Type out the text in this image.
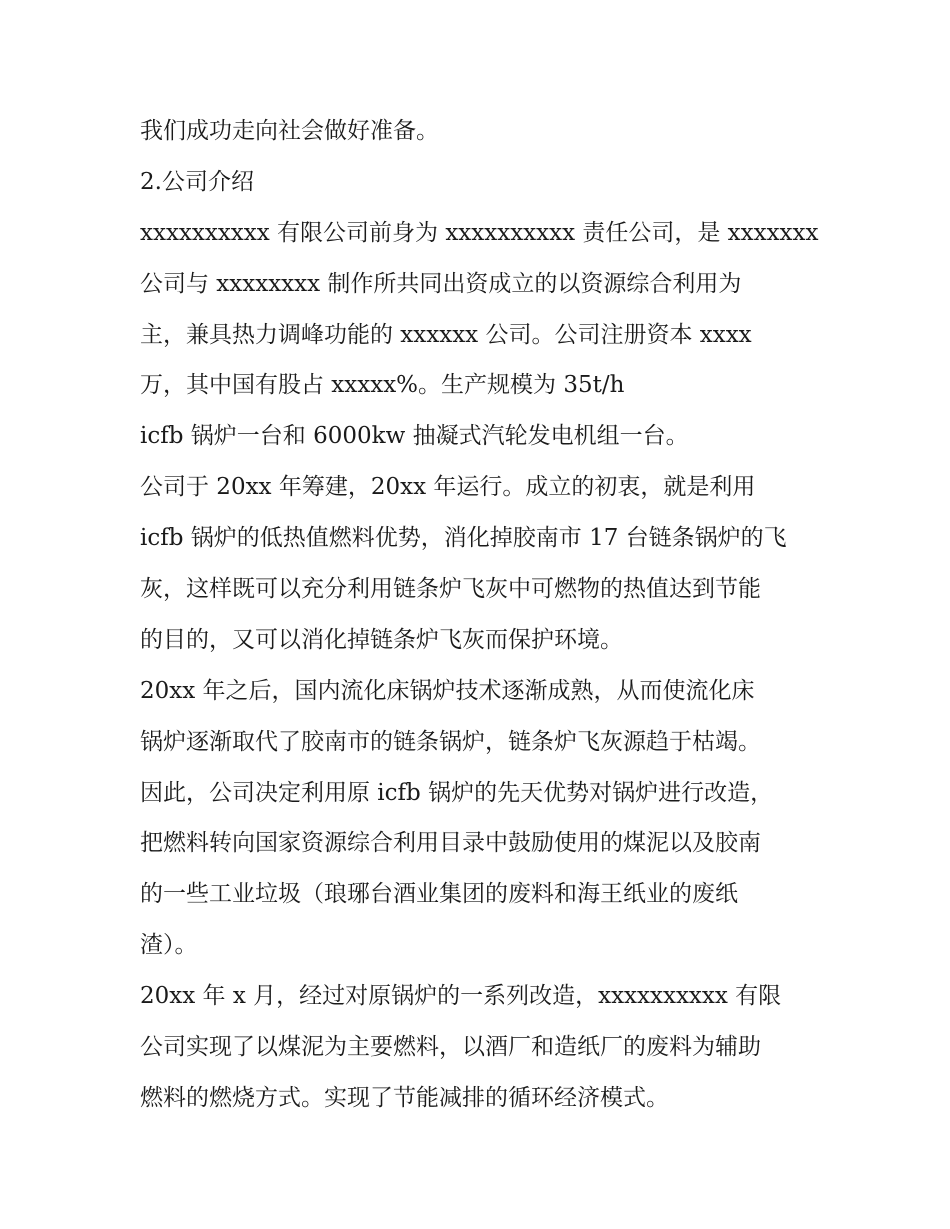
我们成功走向社会做好准备。
2.公司介绍
xxxxxxxxxx 有限公司前身为 xxxxxxxxxx 责任公司，是 xxxxxxx
公司与 xxxxxxxx 制作所共同出资成立的以资源综合利用为
主，兼具热力调峰功能的 xxxxxx 公司。公司注册资本 xxxx
万，其中国有股占 xxxxx%。生产规模为 35t/h
icfb 锅炉一台和 6000kw 抽凝式汽轮发电机组一台。
公司于 20xx 年筹建，20xx 年运行。成立的初衷，就是利用
icfb 锅炉的低热值燃料优势，消化掉胶南市 17 台链条锅炉的飞
灰，这样既可以充分利用链条炉飞灰中可燃物的热值达到节能
的目的，又可以消化掉链条炉飞灰而保护环境。
20xx 年之后，国内流化床锅炉技术逐渐成熟，从而使流化床
锅炉逐渐取代了胶南市的链条锅炉，链条炉飞灰源趋于枯竭。
因此，公司决定利用原 icfb 锅炉的先天优势对锅炉进行改造，
把燃料转向国家资源综合利用目录中鼓励使用的煤泥以及胶南
的一些工业垃圾（琅琊台酒业集团的废料和海王纸业的废纸
渣）。
20xx 年 x 月，经过对原锅炉的一系列改造，xxxxxxxxxx 有限
公司实现了以煤泥为主要燃料，以酒厂和造纸厂的废料为辅助
燃料的燃烧方式。实现了节能减排的循环经济模式。
